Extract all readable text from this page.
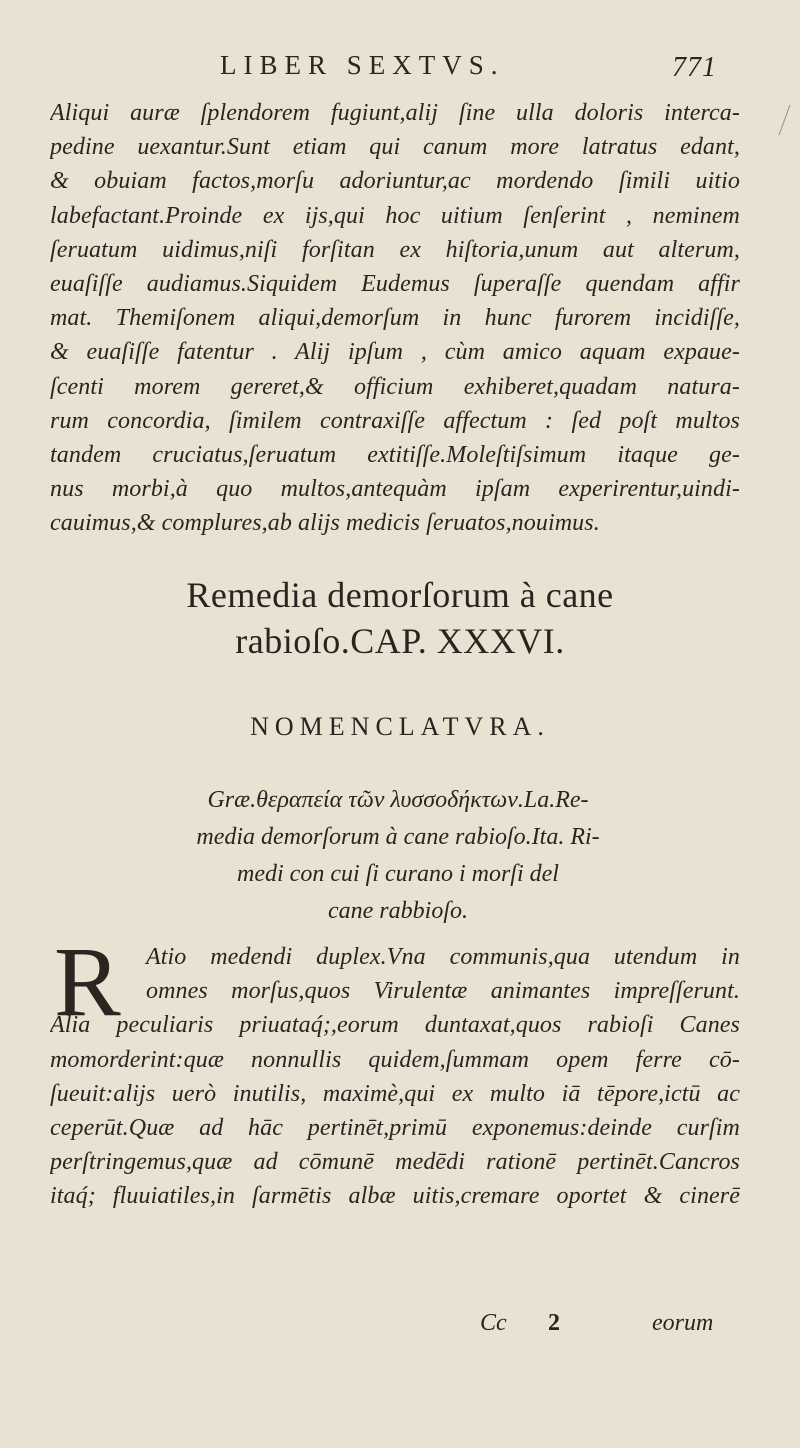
LIBER SEXTVS.	771
Aliqui auræ ſplendorem fugiunt,alij ſine ulla doloris interca-
pedine uexantur.Sunt etiam qui canum more latratus edant,
& obuiam factos,morſu adoriuntur,ac mordendo ſimili uitio
labefactant.Proinde ex ijs,qui hoc uitium ſenſerint , neminem
ſeruatum uidimus,niſi forſitan ex hiſtoria,unum aut alterum,
euaſiſſe audiamus.Siquidem Eudemus ſuperaſſe quendam affir
mat. Themiſonem aliqui,demorſum in hunc furorem incidiſſe,
& euaſiſſe fatentur . Alij ipſum , cùm amico aquam expaue-
ſcenti morem gereret,& officium exhiberet,quadam natura-
rum concordia, ſimilem contraxiſſe affectum : ſed poſt multos
tandem cruciatus,ſeruatum extitiſſe.Moleſtiſsimum itaque ge-
nus morbi,à quo multos,antequàm ipſam experirentur,uindi-
cauimus,& complures,ab alijs medicis ſeruatos,nouimus.
Remedia demorſorum à cane
rabioſo.CAP. XXXVI.
NOMENCLATVRA.
Græ.θεραπεία τῶν λυσσοδήκτων.La.Re-
media demorſorum à cane rabioſo.Ita. Ri-
medi con cui ſi curano i morſi del
cane rabbioſo.
R	Atio medendi duplex.Vna communis,qua utendum in
omnes morſus,quos Virulentæ animantes impreſſerunt.
Alia peculiaris priuataq́;,eorum duntaxat,quos rabioſi Canes
momorderint:quæ nonnullis quidem,ſummam opem ferre cō-
ſueuit:alijs uerò inutilis, maximè,qui ex multo iā tēpore,ictū ac
ceperūt.Quæ ad hāc pertinēt,primū exponemus:deinde curſim
perſtringemus,quæ ad cōmunē medēdi rationē pertinēt.Cancros
itaq́; fluuiatiles,in ſarmētis albæ uitis,cremare oportet & cinerē
Cc 2	eorum
